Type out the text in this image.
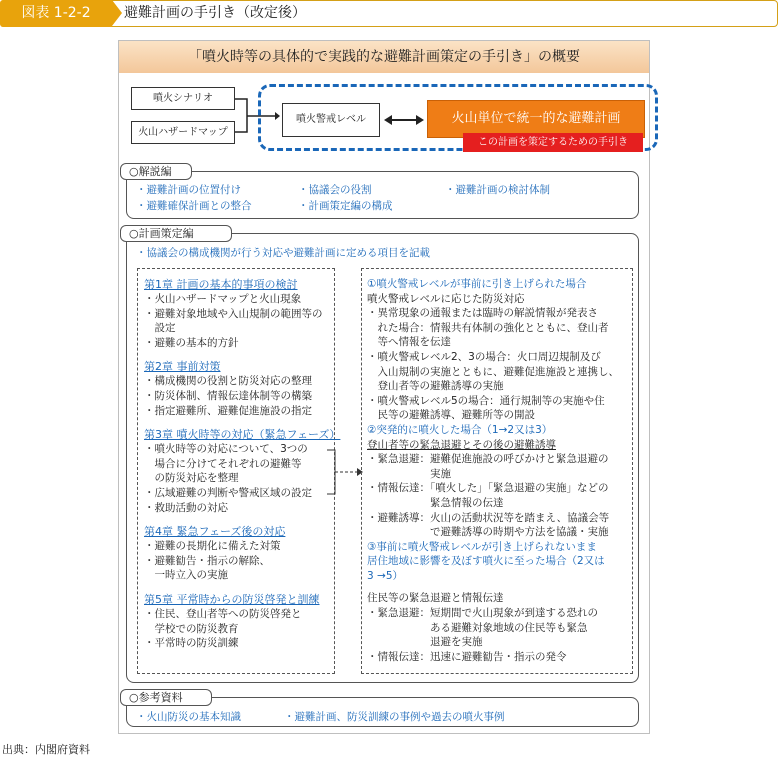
図表 1-2-2	避難計画の手引き（改定後）
「噴火時等の具体的で実践的な避難計画策定の手引き」の概要
噴火シナリオ
火山ハザードマップ
噴火警戒レベル	火山単位で統一的な避難計画
この計画を策定するための手引き
○解説編
・避難計画の位置付け	・協議会の役割	・避難計画の検討体制
・避難確保計画との整合	・計画策定編の構成
○計画策定編
・協議会の構成機関が行う対応や避難計画に定める項目を記載
第1章 計画の基本的事項の検討
・火山ハザードマップと火山現象
・避難対象地域や入山規制の範囲等の
　設定
・避難の基本的方針
第2章 事前対策
・構成機関の役割と防災対応の整理
・防災体制、情報伝達体制等の構築
・指定避難所、避難促進施設の指定
第3章 噴火時等の対応（緊急フェーズ）
・噴火時等の対応について、3つの
　場合に分けてそれぞれの避難等
　の防災対応を整理
・広域避難の判断や警戒区域の設定
・救助活動の対応
第4章 緊急フェーズ後の対応
・避難の長期化に備えた対策
・避難勧告・指示の解除、
　一時立入の実施
第5章 平常時からの防災啓発と訓練
・住民、登山者等への防災啓発と
　学校での防災教育
・平常時の防災訓練
①噴火警戒レベルが事前に引き上げられた場合
噴火警戒レベルに応じた防災対応
・異常現象の通報または臨時の解説情報が発表さ
　れた場合：情報共有体制の強化とともに、登山者
　等へ情報を伝達
・噴火警戒レベル2、3の場合：火口周辺規制及び
　入山規制の実施とともに、避難促進施設と連携し、
　登山者等の避難誘導の実施
・噴火警戒レベル5の場合：通行規制等の実施や住
　民等の避難誘導、避難所等の開設
②突発的に噴火した場合（1→2又は3）
登山者等の緊急退避とその後の避難誘導
・緊急退避：避難促進施設の呼びかけと緊急退避の
　　　　　　実施
・情報伝達：「噴火した」「緊急退避の実施」などの
　　　　　　緊急情報の伝達
・避難誘導：火山の活動状況等を踏まえ、協議会等
　　　　　　で避難誘導の時期や方法を協議・実施
③事前に噴火警戒レベルが引き上げられないまま
居住地域に影響を及ぼす噴火に至った場合（2又は
3 →5）
住民等の緊急退避と情報伝達
・緊急退避：短期間で火山現象が到達する恐れの
　　　　　　ある避難対象地域の住民等も緊急
　　　　　　退避を実施
・情報伝達：迅速に避難勧告・指示の発令
○参考資料
・火山防災の基本知識	・避難計画、防災訓練の事例や過去の噴火事例
出典：内閣府資料
